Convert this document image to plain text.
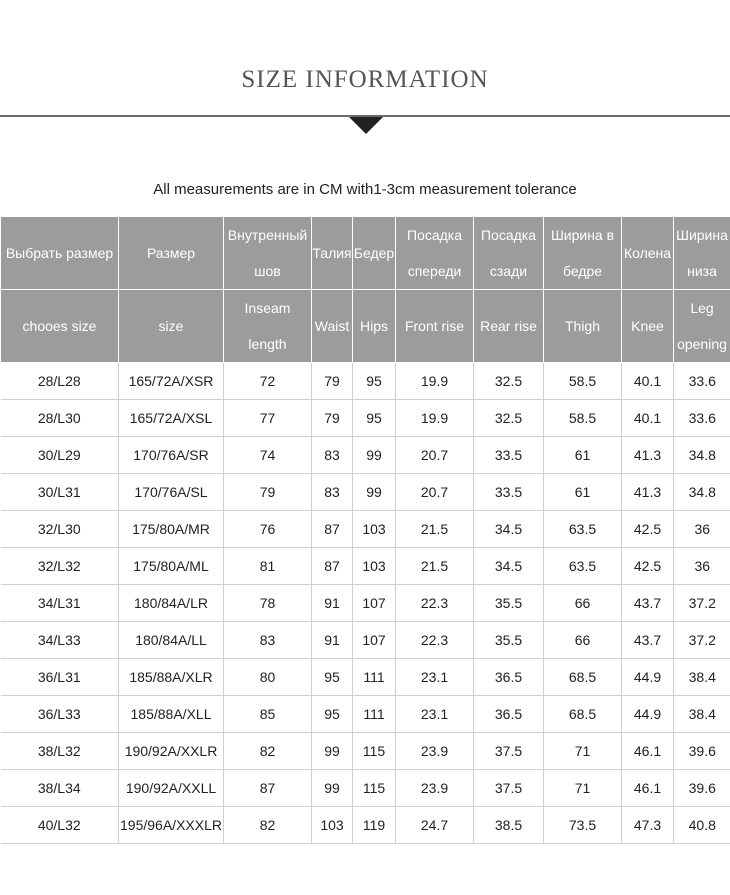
SIZE INFORMATION
All measurements are in CM with1-3cm measurement tolerance
Выбрать размер	Размер	Внутренный шов	Талия	Бедер	Посадка спереди	Посадка сзади	Ширина в бедре	Колена	Ширина низа
chooes size	size	Inseam length	Waist	Hips	Front rise	Rear rise	Thigh	Knee	Leg opening
28/L28	165/72A/XSR	72	79	95	19.9	32.5	58.5	40.1	33.6
28/L30	165/72A/XSL	77	79	95	19.9	32.5	58.5	40.1	33.6
30/L29	170/76A/SR	74	83	99	20.7	33.5	61	41.3	34.8
30/L31	170/76A/SL	79	83	99	20.7	33.5	61	41.3	34.8
32/L30	175/80A/MR	76	87	103	21.5	34.5	63.5	42.5	36
32/L32	175/80A/ML	81	87	103	21.5	34.5	63.5	42.5	36
34/L31	180/84A/LR	78	91	107	22.3	35.5	66	43.7	37.2
34/L33	180/84A/LL	83	91	107	22.3	35.5	66	43.7	37.2
36/L31	185/88A/XLR	80	95	111	23.1	36.5	68.5	44.9	38.4
36/L33	185/88A/XLL	85	95	111	23.1	36.5	68.5	44.9	38.4
38/L32	190/92A/XXLR	82	99	115	23.9	37.5	71	46.1	39.6
38/L34	190/92A/XXLL	87	99	115	23.9	37.5	71	46.1	39.6
40/L32	195/96A/XXXLR	82	103	119	24.7	38.5	73.5	47.3	40.8
